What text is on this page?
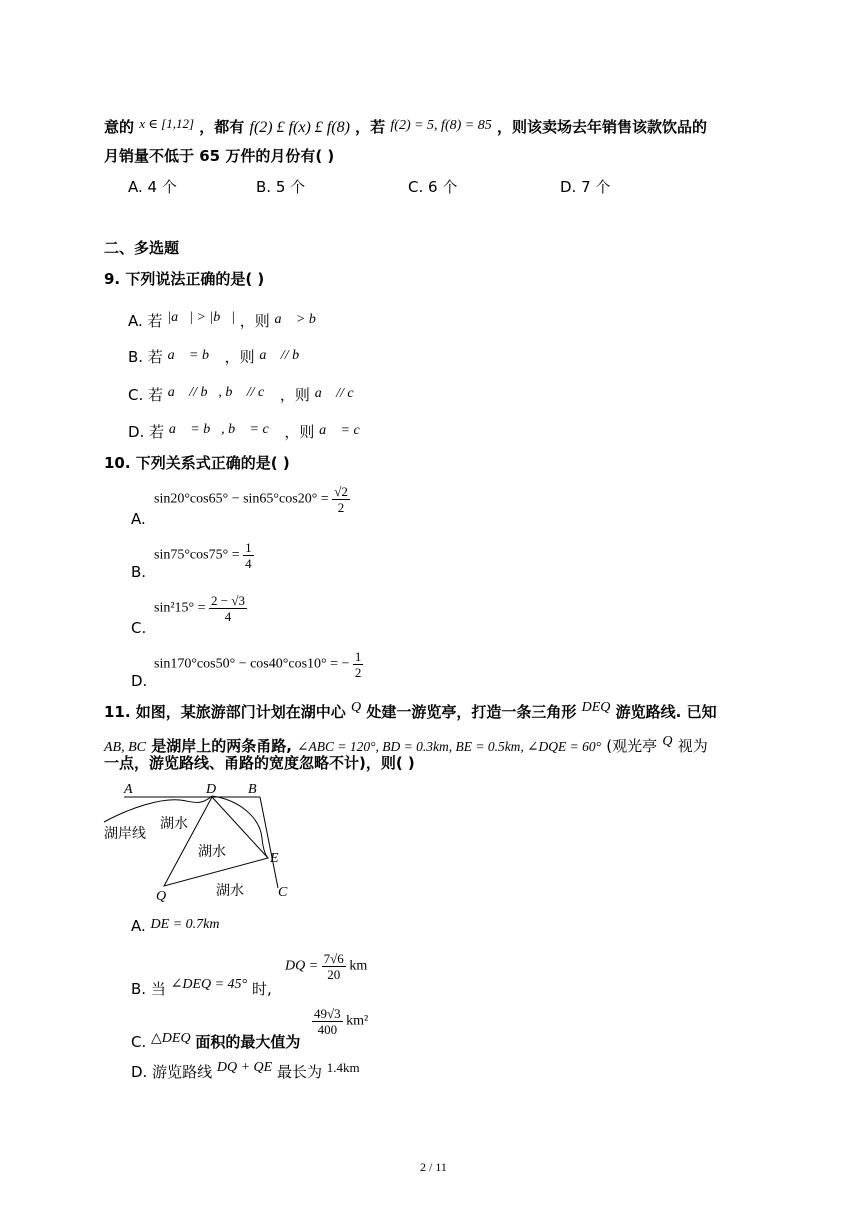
意的 x ∈ [1,12] ，都有 f(2) £ f(x) £ f(8) ，若 f(2) = 5, f(8) = 85 ，则该卖场去年销售该款饮品的
月销量不低于 65 万件的月份有( )
A. 4 个	B. 5 个	C. 6 个	D. 7 个
二、多选题
9. 下列说法正确的是( )
A. 若 |a⃗| > |b⃗| ，则 a⃗ > b⃗
B. 若 a⃗ = b⃗ ，则 a⃗ // b⃗
C. 若 a⃗ // b⃗, b⃗ // c⃗ ，则 a⃗ // c⃗
D. 若 a⃗ = b⃗, b⃗ = c⃗ ，则 a⃗ = c⃗
10. 下列关系式正确的是( )
A.
$\sin 20^\circ\cos 65^\circ - \sin 65^\circ\cos 20^\circ = \frac{√2}{2}$
B.
$\sin 75^\circ\cos 75^\circ = \frac{1}{4}$
C.
$\sin^215^\circ = \frac{2 - √3}{4}$
D.
sin170°cos50° − cos40°cos10° = − $\frac{1}{2}$
11. 如图，某旅游部门计划在湖中心 Q 处建一游览亭，打造一条三角形 DEQ 游览路线. 已知
AB, BC 是湖岸上的两条甬路, ∠ABC = 120°, BD = 0.3km, BE = 0.5km, ∠DQE = 60° (观光亭 Q 视为
一点，游览路线、甬路的宽度忽略不计)，则( )
A	D B
E
Q	C
湖岸线
湖水
湖水
湖水
A. DE = 0.7km
B. 当 ∠DEQ = 45° 时,
DQ = $\frac{7√6}{20}$ km
C. △DEQ 面积的最大值为
$\frac{49√3}{400} km^2$
D. 游览路线 DQ + QE 最长为 1.4km
2 / 11
